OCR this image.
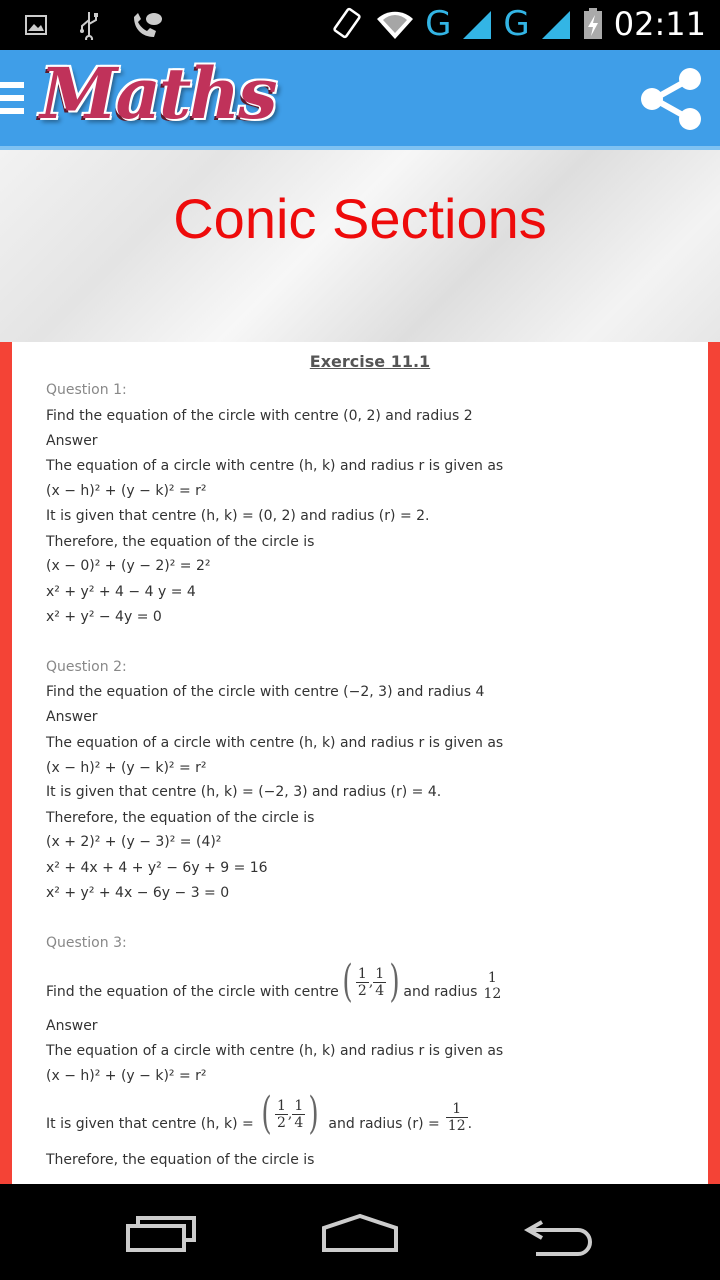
G G	02:11
Maths
Conic Sections
Exercise 11.1
Question 1:
Find the equation of the circle with centre (0, 2) and radius 2
Answer
The equation of a circle with centre (h, k) and radius r is given as
(x − h)² + (y − k)² = r²
It is given that centre (h, k) = (0, 2) and radius (r) = 2.
Therefore, the equation of the circle is
(x − 0)² + (y − 2)² = 2²
x² + y² + 4 − 4 y = 4
x² + y² − 4y = 0
Question 2:
Find the equation of the circle with centre (−2, 3) and radius 4
Answer
The equation of a circle with centre (h, k) and radius r is given as
(x − h)² + (y − k)² = r²
It is given that centre (h, k) = (−2, 3) and radius (r) = 4.
Therefore, the equation of the circle is
(x + 2)² + (y − 3)² = (4)²
x² + 4x + 4 + y² − 6y + 9 = 16
x² + y² + 4x − 6y − 3 = 0
Question 3:
Find the equation of the circle with centre ( $\frac{1}{2}$ , $\frac{1}{4}$ ) and radius
1
12
Answer
The equation of a circle with centre (h, k) and radius r is given as
(x − h)² + (y − k)² = r²
It is given that centre (h, k) = ( $\frac{1}{2}$ , $\frac{1}{4}$ ) and radius $(r) = \frac{1}{12}$ .
Therefore, the equation of the circle is
